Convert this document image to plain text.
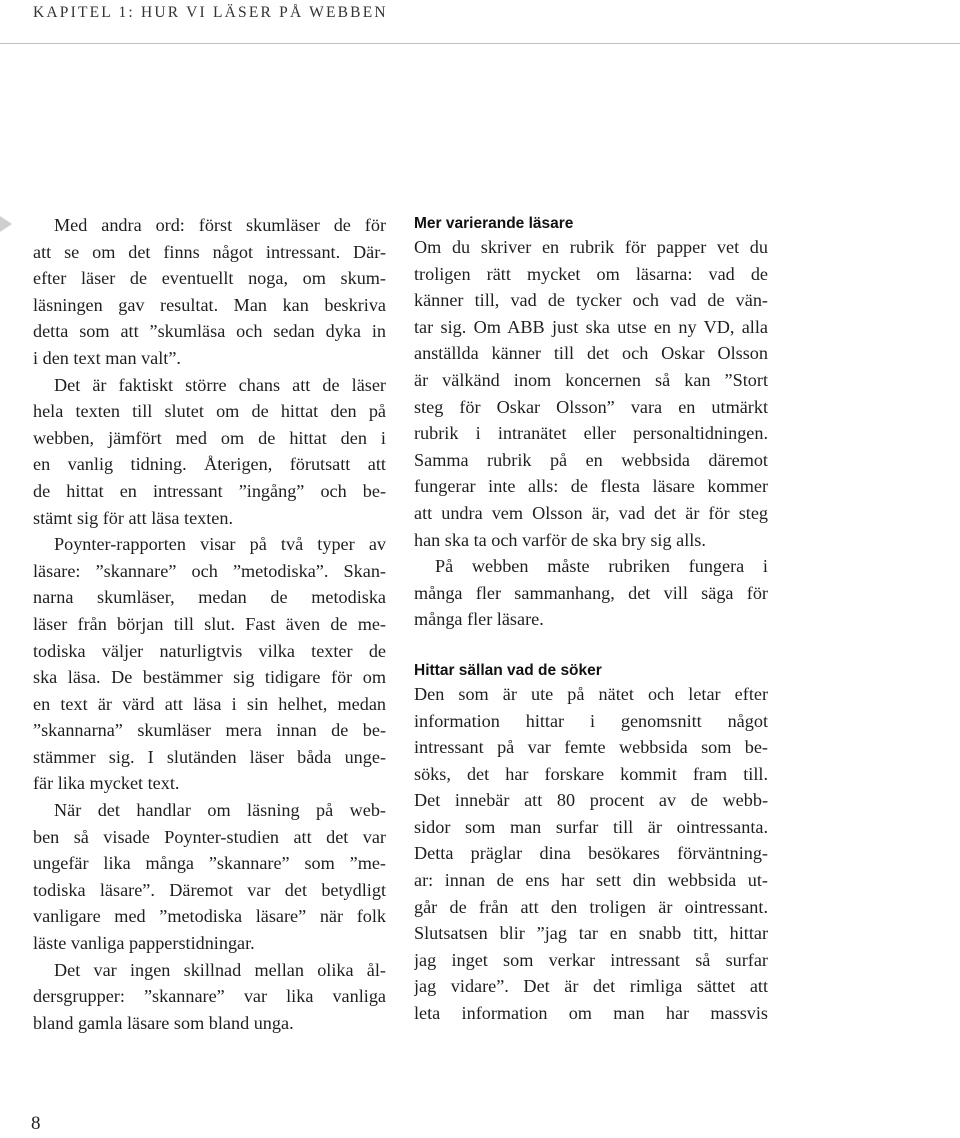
KAPITEL 1: HUR VI LÄSER PÅ WEBBEN
Med andra ord: först skumläser de för
att se om det finns något intressant. Där-
efter läser de eventuellt noga, om skum-
läsningen gav resultat. Man kan beskriva
detta som att ”skumläsa och sedan dyka in
i den text man valt”.
Det är faktiskt större chans att de läser
hela texten till slutet om de hittat den på
webben, jämfört med om de hittat den i
en vanlig tidning. Återigen, förutsatt att
de hittat en intressant ”ingång” och be-
stämt sig för att läsa texten.
Poynter-rapporten visar på två typer av
läsare: ”skannare” och ”metodiska”. Skan-
narna skumläser, medan de metodiska
läser från början till slut. Fast även de me-
todiska väljer naturligtvis vilka texter de
ska läsa. De bestämmer sig tidigare för om
en text är värd att läsa i sin helhet, medan
”skannarna” skumläser mera innan de be-
stämmer sig. I slutänden läser båda unge-
fär lika mycket text.
När det handlar om läsning på web-
ben så visade Poynter-studien att det var
ungefär lika många ”skannare” som ”me-
todiska läsare”. Däremot var det betydligt
vanligare med ”metodiska läsare” när folk
läste vanliga papperstidningar.
Det var ingen skillnad mellan olika ål-
dersgrupper: ”skannare” var lika vanliga
bland gamla läsare som bland unga.
Mer varierande läsare
Om du skriver en rubrik för papper vet du
troligen rätt mycket om läsarna: vad de
känner till, vad de tycker och vad de vän-
tar sig. Om ABB just ska utse en ny VD, alla
anställda känner till det och Oskar Olsson
är välkänd inom koncernen så kan ”Stort
steg för Oskar Olsson” vara en utmärkt
rubrik i intranätet eller personaltidningen.
Samma rubrik på en webbsida däremot
fungerar inte alls: de flesta läsare kommer
att undra vem Olsson är, vad det är för steg
han ska ta och varför de ska bry sig alls.
På webben måste rubriken fungera i
många fler sammanhang, det vill säga för
många fler läsare.
Hittar sällan vad de söker
Den som är ute på nätet och letar efter
information hittar i genomsnitt något
intressant på var femte webbsida som be-
söks, det har forskare kommit fram till.
Det innebär att 80 procent av de webb-
sidor som man surfar till är ointressanta.
Detta präglar dina besökares förväntning-
ar: innan de ens har sett din webbsida ut-
går de från att den troligen är ointressant.
Slutsatsen blir ”jag tar en snabb titt, hittar
jag inget som verkar intressant så surfar
jag vidare”. Det är det rimliga sättet att
leta information om man har massvis
8
